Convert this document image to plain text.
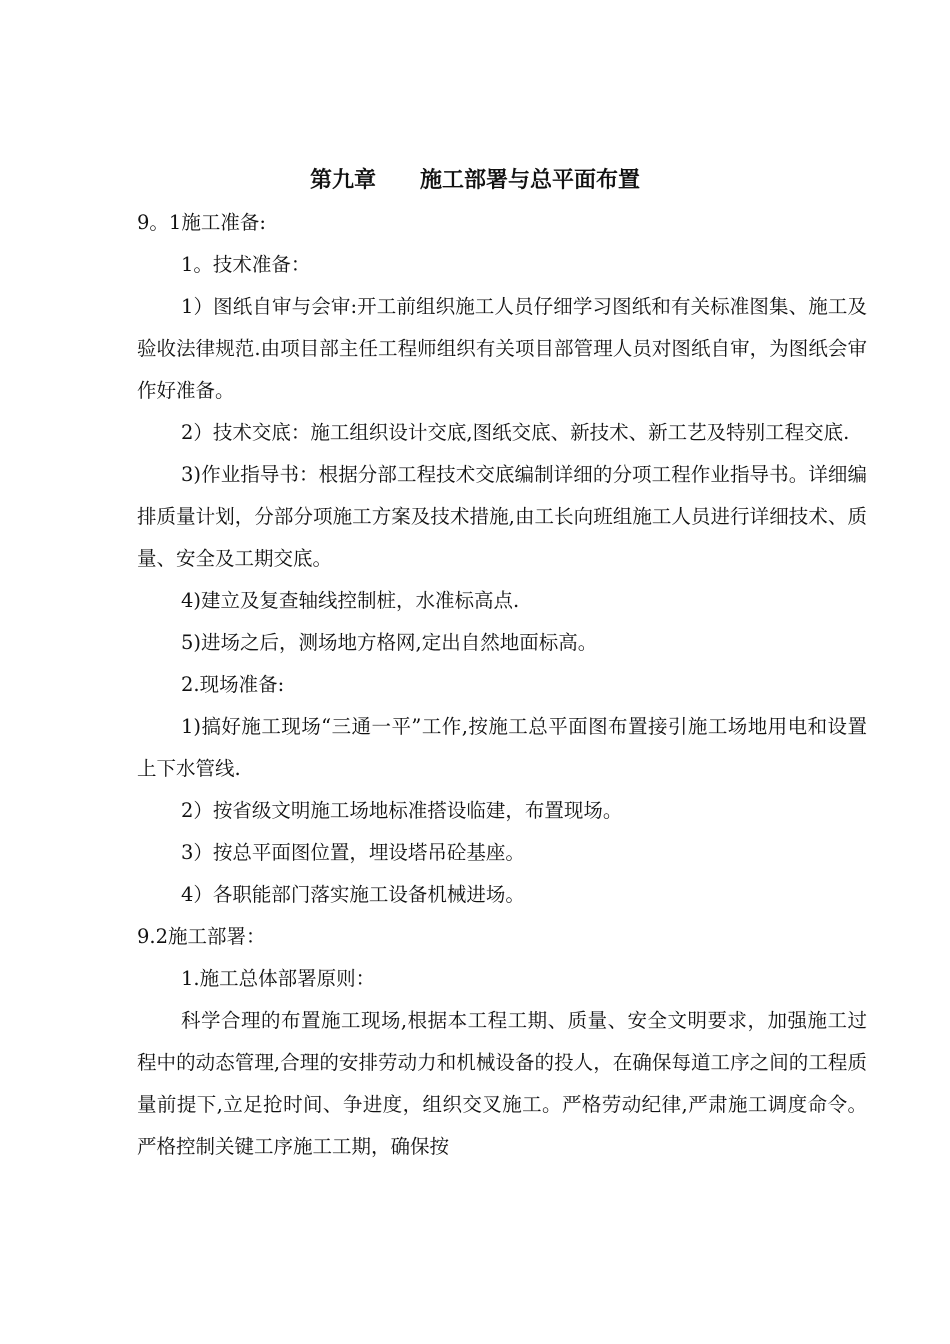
第九章　　施工部署与总平面布置

9。1施工准备:

1。技术准备：

1）图纸自审与会审:开工前组织施工人员仔细学习图纸和有关标准图集、施工及验收法律规范.由项目部主任工程师组织有关项目部管理人员对图纸自审，为图纸会审作好准备。

2）技术交底：施工组织设计交底,图纸交底、新技术、新工艺及特别工程交底.

3)作业指导书：根据分部工程技术交底编制详细的分项工程作业指导书。详细编排质量计划，分部分项施工方案及技术措施,由工长向班组施工人员进行详细技术、质量、安全及工期交底。

4)建立及复查轴线控制桩，水准标高点.

5)进场之后，测场地方格网,定出自然地面标高。

2.现场准备:

1)搞好施工现场“三通一平”工作,按施工总平面图布置接引施工场地用电和设置上下水管线.

2）按省级文明施工场地标准搭设临建，布置现场。

3）按总平面图位置，埋设塔吊砼基座。

4）各职能部门落实施工设备机械进场。

9.2施工部署：

1.施工总体部署原则：

科学合理的布置施工现场,根据本工程工期、质量、安全文明要求，加强施工过程中的动态管理,合理的安排劳动力和机械设备的投人，在确保每道工序之间的工程质量前提下,立足抢时间、争进度，组织交叉施工。严格劳动纪律,严肃施工调度命令。严格控制关键工序施工工期，确保按
